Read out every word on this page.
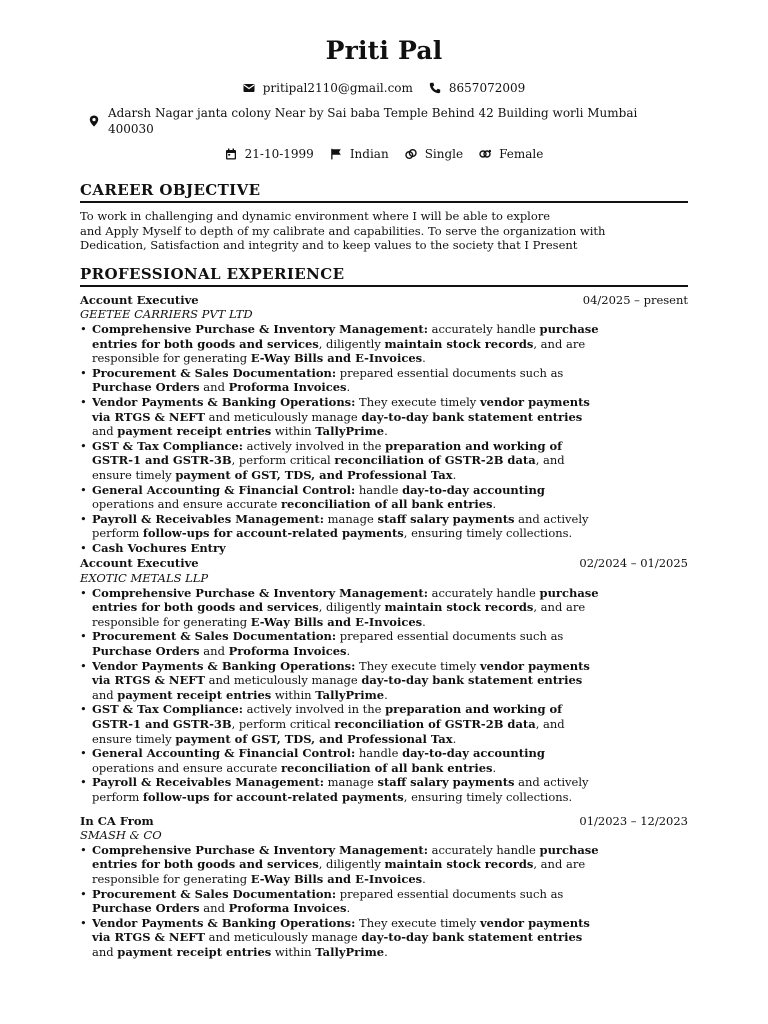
Priti Pal
pritipal2110@gmail.com	8657072009
Adarsh Nagar janta colony Near by Sai baba Temple Behind 42 Building worli Mumbai 400030
21-10-1999	Indian	Single	Female
CAREER OBJECTIVE
To work in challenging and dynamic environment where I will be able to explore
and Apply Myself to depth of my calibrate and capabilities. To serve the organization with
Dedication, Satisfaction and integrity and to keep values to the society that I Present
PROFESSIONAL EXPERIENCE
Account Executive	04/2025 – present
GEETEE CARRIERS PVT LTD
• Comprehensive Purchase & Inventory Management: accurately handle purchase
entries for both goods and services, diligently maintain stock records, and are
responsible for generating E-Way Bills and E-Invoices.
• Procurement & Sales Documentation: prepared essential documents such as
Purchase Orders and Proforma Invoices.
• Vendor Payments & Banking Operations: They execute timely vendor payments
via RTGS & NEFT and meticulously manage day-to-day bank statement entries
and payment receipt entries within TallyPrime.
• GST & Tax Compliance: actively involved in the preparation and working of
GSTR-1 and GSTR-3B, perform critical reconciliation of GSTR-2B data, and
ensure timely payment of GST, TDS, and Professional Tax.
• General Accounting & Financial Control: handle day-to-day accounting
operations and ensure accurate reconciliation of all bank entries.
• Payroll & Receivables Management: manage staff salary payments and actively
perform follow-ups for account-related payments, ensuring timely collections.
• Cash Vochures Entry
Account Executive	02/2024 – 01/2025
EXOTIC METALS LLP
• Comprehensive Purchase & Inventory Management: accurately handle purchase
entries for both goods and services, diligently maintain stock records, and are
responsible for generating E-Way Bills and E-Invoices.
• Procurement & Sales Documentation: prepared essential documents such as
Purchase Orders and Proforma Invoices.
• Vendor Payments & Banking Operations: They execute timely vendor payments
via RTGS & NEFT and meticulously manage day-to-day bank statement entries
and payment receipt entries within TallyPrime.
• GST & Tax Compliance: actively involved in the preparation and working of
GSTR-1 and GSTR-3B, perform critical reconciliation of GSTR-2B data, and
ensure timely payment of GST, TDS, and Professional Tax.
• General Accounting & Financial Control: handle day-to-day accounting
operations and ensure accurate reconciliation of all bank entries.
• Payroll & Receivables Management: manage staff salary payments and actively
perform follow-ups for account-related payments, ensuring timely collections.
In CA From	01/2023 – 12/2023
SMASH & CO
• Comprehensive Purchase & Inventory Management: accurately handle purchase
entries for both goods and services, diligently maintain stock records, and are
responsible for generating E-Way Bills and E-Invoices.
• Procurement & Sales Documentation: prepared essential documents such as
Purchase Orders and Proforma Invoices.
• Vendor Payments & Banking Operations: They execute timely vendor payments
via RTGS & NEFT and meticulously manage day-to-day bank statement entries
and payment receipt entries within TallyPrime.
